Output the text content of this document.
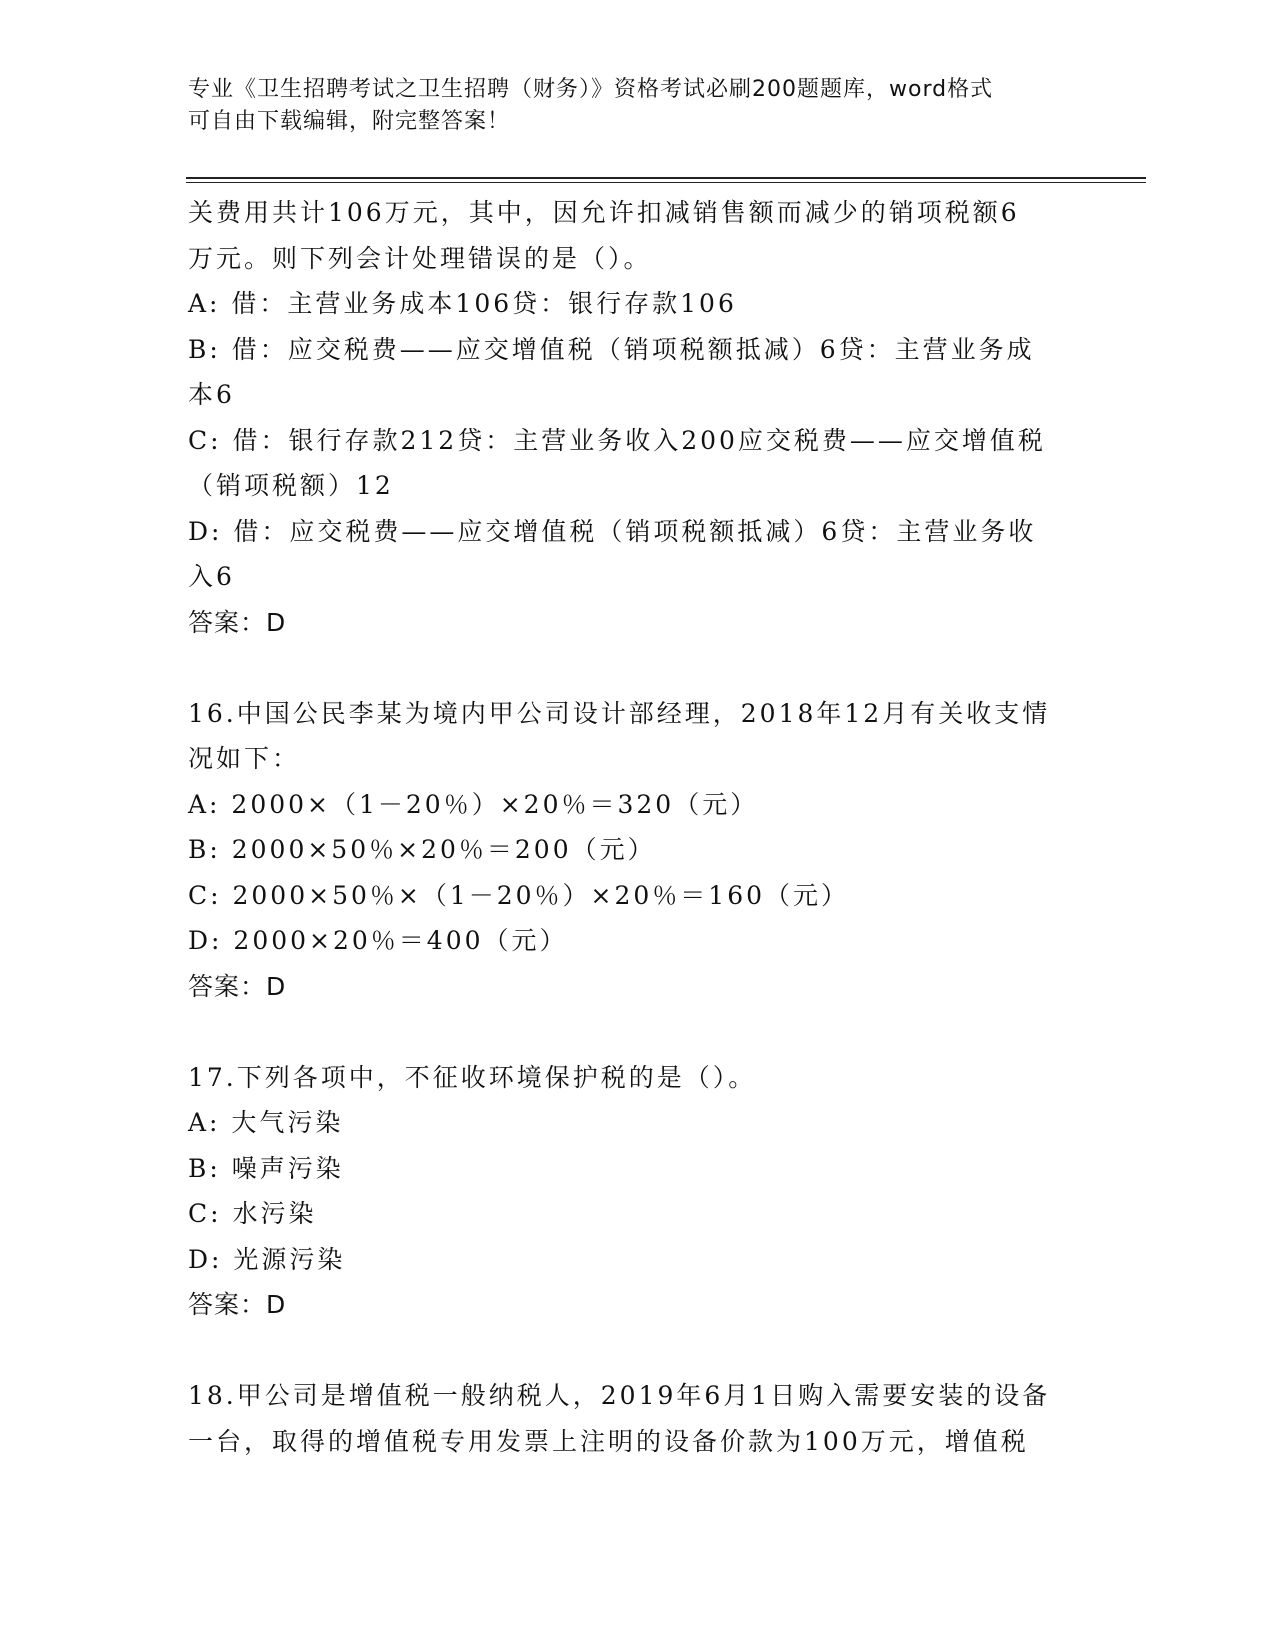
专业《卫生招聘考试之卫生招聘（财务）》资格考试必刷200题题库，word格式
可自由下载编辑，附完整答案！
关费用共计106万元，其中，因允许扣减销售额而减少的销项税额6
万元。则下列会计处理错误的是（）。
A: 借：主营业务成本106贷：银行存款106
B: 借：应交税费——应交增值税（销项税额抵减）6贷：主营业务成
本6
C: 借：银行存款212贷：主营业务收入200应交税费——应交增值税
（销项税额）12
D: 借：应交税费——应交增值税（销项税额抵减）6贷：主营业务收
入6
答案：D
16.中国公民李某为境内甲公司设计部经理，2018年12月有关收支情
况如下：
A: 2000×（1－20％）×20％＝320（元）
B: 2000×50％×20％＝200（元）
C: 2000×50％×（1－20％）×20％＝160（元）
D: 2000×20％＝400（元）
答案：D
17.下列各项中，不征收环境保护税的是（）。
A: 大气污染
B: 噪声污染
C: 水污染
D: 光源污染
答案：D
18.甲公司是增值税一般纳税人，2019年6月1日购入需要安装的设备
一台，取得的增值税专用发票上注明的设备价款为100万元，增值税
